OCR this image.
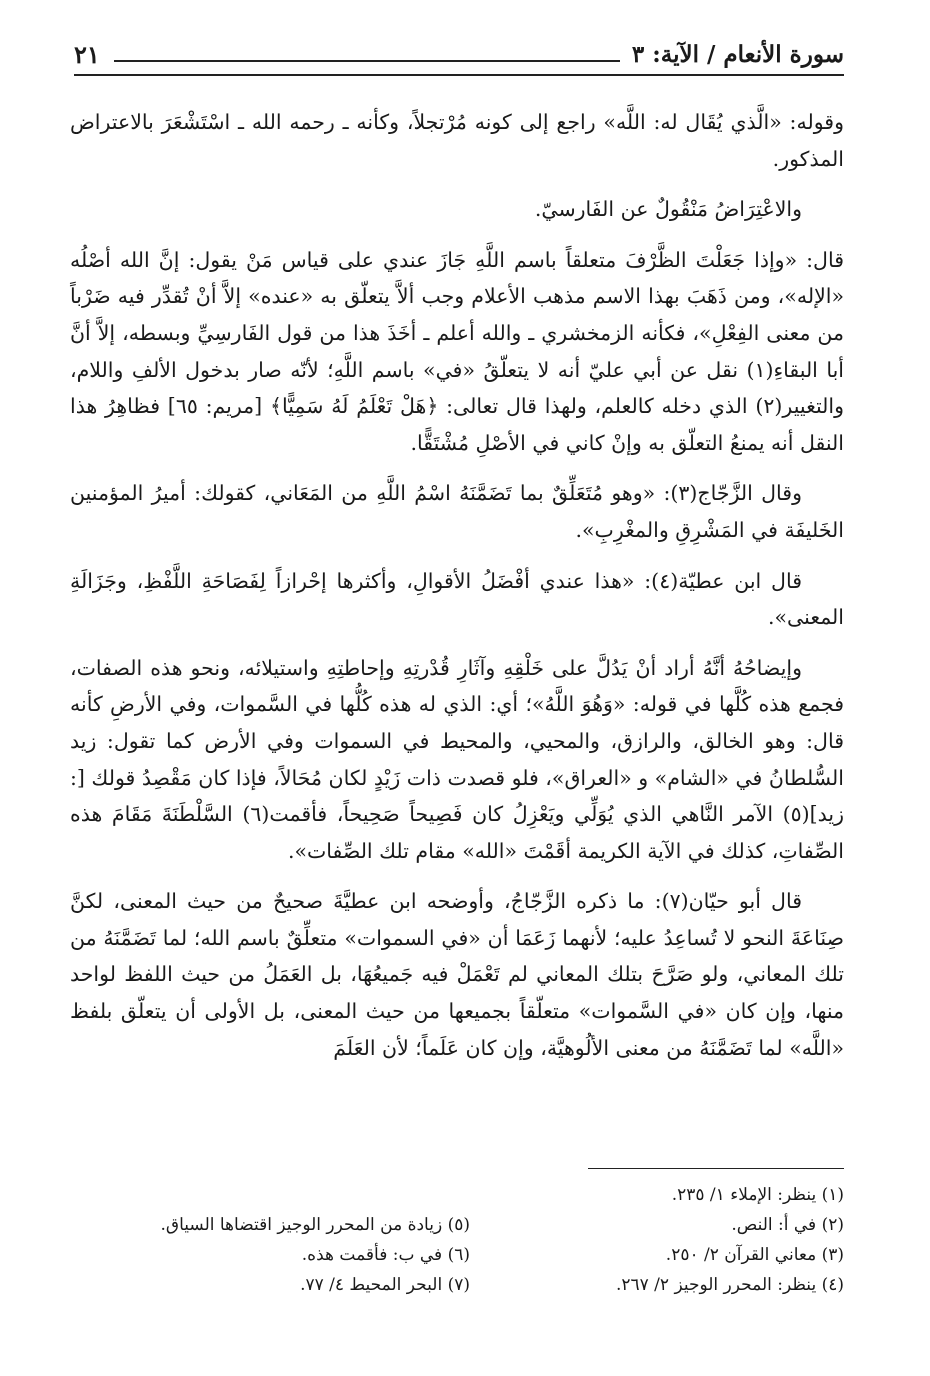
سورة الأنعام / الآية: ٣
٢١

وقوله: «الَّذي يُقَال له: اللَّه» راجع إلى كونه مُرْتجلاً، وكأنه ـ رحمه الله ـ اسْتَشْعَرَ بالاعتراض المذكور.

والاعْتِرَاضُ مَنْقُولٌ عن الفَارسيّ.

قال: «وإذا جَعَلْتَ الظَّرْفَ متعلقاً باسم اللَّهِ جَازَ عندي على قياس مَنْ يقول: إنَّ الله أصْلُه «الإله»، ومن ذَهَبَ بهذا الاسم مذهب الأعلام وجب ألاَّ يتعلّق به «عنده» إلاَّ أنْ تُقدِّر فيه ضَرْباً من معنى الفِعْلِ»، فكأنه الزمخشري ـ والله أعلم ـ أخَذَ هذا من قول الفَارسِيِّ وبسطه، إلاَّ أنَّ أبا البقاءِ(١) نقل عن أبي عليّ أنه لا يتعلّقُ «في» باسم اللَّهِ؛ لأنّه صار بدخول الألفِ واللام، والتغيير(٢) الذي دخله كالعلم، ولهذا قال تعالى: ﴿هَلْ تَعْلَمُ لَهُ سَمِيًّا﴾ [مريم: ٦٥] فظاهِرُ هذا النقل أنه يمنعُ التعلّق به وإنْ كاني في الأصْلِ مُشْتَقًّا.

وقال الزَّجّاج(٣): «وهو مُتَعَلِّقٌ بما تَضَمَّنَهُ اسْمُ اللَّهِ من المَعَاني، كقولك: أميرُ المؤمنين الخَليفَة في المَشْرِقِ والمغْرِبِ».

قال ابن عطيّة(٤): «هذا عندي أفْضَلُ الأقوالِ، وأكثرها إحْرازاً لِفَصَاحَةِ اللَّفْظِ، وجَزَالَةِ المعنى».

وإيضاحُهُ أنَّهُ أراد أنْ يَدُلَّ على خَلْقِهِ وآثَارِ قُدْرتِهِ وإحاطتِهِ واستيلائه، ونحو هذه الصفات، فجمع هذه كُلَّها في قوله: «وَهُوَ اللَّهُ»؛ أي: الذي له هذه كُلُّها في السَّموات، وفي الأرضِ كأنه قال: وهو الخالق، والرازق، والمحيي، والمحيط في السموات وفي الأرض كما تقول: زيد السُّلطانُ في «الشام» و «العراق»، فلو قصدت ذات زَيْدٍ لكان مُحَالاً، فإذا كان مَقْصِدُ قولك [: زيد](٥) الآمر النَّاهي الذي يُوَلِّي ويَعْزِلُ كان فَصِيحاً صَحِيحاً، فأقمت(٦) السَّلْطَنَةَ مَقَامَ هذه الصِّفاتِ، كذلك في الآية الكريمة أقَمْتَ «الله» مقام تلك الصِّفات».

قال أبو حيّان(٧): ما ذكره الزَّجّاجُ، وأوضحه ابن عطيَّةَ صحيحٌ من حيث المعنى، لكنَّ صِنَاعَةَ النحو لا تُساعِدُ عليه؛ لأنهما زَعَمَا أن «في السموات» متعلِّقٌ باسم الله؛ لما تَضَمَّنَهُ من تلك المعاني، ولو صَرَّحَ بتلك المعاني لم تَعْمَلْ فيه جَميعُهَا، بل العَمَلُ من حيث اللفظ لواحد منها، وإن كان «في السَّموات» متعلّقاً بجميعها من حيث المعنى، بل الأولى أن يتعلّق بلفظ «اللَّه» لما تَضَمَّنَهُ من معنى الألُوهيَّة، وإن كان عَلَماً؛ لأن العَلَمَ

(١) ينظر: الإملاء ١/ ٢٣٥.
(٢) في أ: النص.
(٣) معاني القرآن ٢/ ٢٥٠.
(٤) ينظر: المحرر الوجيز ٢/ ٢٦٧.
(٥) زيادة من المحرر الوجيز اقتضاها السياق.
(٦) في ب: فأقمت هذه.
(٧) البحر المحيط ٤/ ٧٧.
